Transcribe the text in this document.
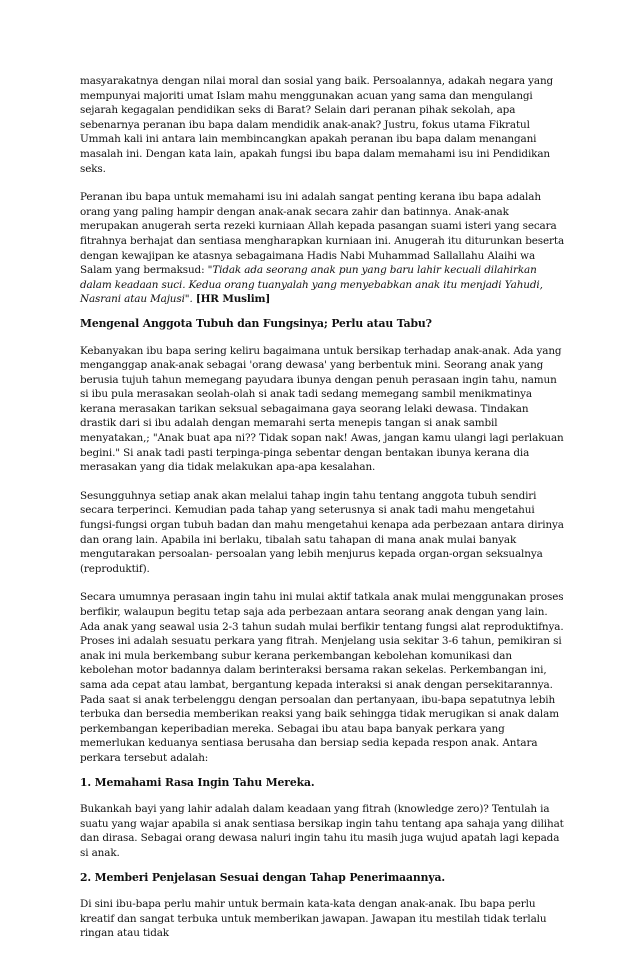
masyarakatnya dengan nilai moral dan sosial yang baik. Persoalannya, adakah negara yang mempunyai majoriti umat Islam mahu menggunakan acuan yang sama dan mengulangi sejarah kegagalan pendidikan seks di Barat? Selain dari peranan pihak sekolah, apa sebenarnya peranan ibu bapa dalam mendidik anak-anak? Justru, fokus utama Fikratul Ummah kali ini antara lain membincangkan apakah peranan ibu bapa dalam menangani masalah ini. Dengan kata lain, apakah fungsi ibu bapa dalam memahami isu ini Pendidikan seks.

Peranan ibu bapa untuk memahami isu ini adalah sangat penting kerana ibu bapa adalah orang yang paling hampir dengan anak-anak secara zahir dan batinnya. Anak-anak merupakan anugerah serta rezeki kurniaan Allah kepada pasangan suami isteri yang secara fitrahnya berhajat dan sentiasa mengharapkan kurniaan ini. Anugerah itu diturunkan beserta dengan kewajipan ke atasnya sebagaimana Hadis Nabi Muhammad Sallallahu Alaihi wa Salam yang bermaksud: "Tidak ada seorang anak pun yang baru lahir kecuali dilahirkan dalam keadaan suci. Kedua orang tuanyalah yang menyebabkan anak itu menjadi Yahudi, Nasrani atau Majusi". [HR Muslim]

Mengenal Anggota Tubuh dan Fungsinya; Perlu atau Tabu?

Kebanyakan ibu bapa sering keliru bagaimana untuk bersikap terhadap anak-anak. Ada yang menganggap anak-anak sebagai 'orang dewasa' yang berbentuk mini. Seorang anak yang berusia tujuh tahun memegang payudara ibunya dengan penuh perasaan ingin tahu, namun si ibu pula merasakan seolah-olah si anak tadi sedang memegang sambil menikmatinya kerana merasakan tarikan seksual sebagaimana gaya seorang lelaki dewasa. Tindakan drastik dari si ibu adalah dengan memarahi serta menepis tangan si anak sambil menyatakan,; "Anak buat apa ni?? Tidak sopan nak! Awas, jangan kamu ulangi lagi perlakuan begini." Si anak tadi pasti terpinga-pinga sebentar dengan bentakan ibunya kerana dia merasakan yang dia tidak melakukan apa-apa kesalahan.

Sesungguhnya setiap anak akan melalui tahap ingin tahu tentang anggota tubuh sendiri secara terperinci. Kemudian pada tahap yang seterusnya si anak tadi mahu mengetahui fungsi-fungsi organ tubuh badan dan mahu mengetahui kenapa ada perbezaan antara dirinya dan orang lain. Apabila ini berlaku, tibalah satu tahapan di mana anak mulai banyak mengutarakan persoalan- persoalan yang lebih menjurus kepada organ-organ seksualnya (reproduktif).

Secara umumnya perasaan ingin tahu ini mulai aktif tatkala anak mulai menggunakan proses berfikir, walaupun begitu tetap saja ada perbezaan antara seorang anak dengan yang lain. Ada anak yang seawal usia 2-3 tahun sudah mulai berfikir tentang fungsi alat reproduktifnya. Proses ini adalah sesuatu perkara yang fitrah. Menjelang usia sekitar 3-6 tahun, pemikiran si anak ini mula berkembang subur kerana perkembangan kebolehan komunikasi dan kebolehan motor badannya dalam berinteraksi bersama rakan sekelas. Perkembangan ini, sama ada cepat atau lambat, bergantung kepada interaksi si anak dengan persekitarannya. Pada saat si anak terbelenggu dengan persoalan dan pertanyaan, ibu-bapa sepatutnya lebih terbuka dan bersedia memberikan reaksi yang baik sehingga tidak merugikan si anak dalam perkembangan keperibadian mereka. Sebagai ibu atau bapa banyak perkara yang memerlukan keduanya sentiasa berusaha dan bersiap sedia kepada respon anak. Antara perkara tersebut adalah:

1. Memahami Rasa Ingin Tahu Mereka.

Bukankah bayi yang lahir adalah dalam keadaan yang fitrah (knowledge zero)? Tentulah ia suatu yang wajar apabila si anak sentiasa bersikap ingin tahu tentang apa sahaja yang dilihat dan dirasa. Sebagai orang dewasa naluri ingin tahu itu masih juga wujud apatah lagi kepada si anak.

2. Memberi Penjelasan Sesuai dengan Tahap Penerimaannya.

Di sini ibu-bapa perlu mahir untuk bermain kata-kata dengan anak-anak. Ibu bapa perlu kreatif dan sangat terbuka untuk memberikan jawapan. Jawapan itu mestilah tidak terlalu ringan atau tidak
